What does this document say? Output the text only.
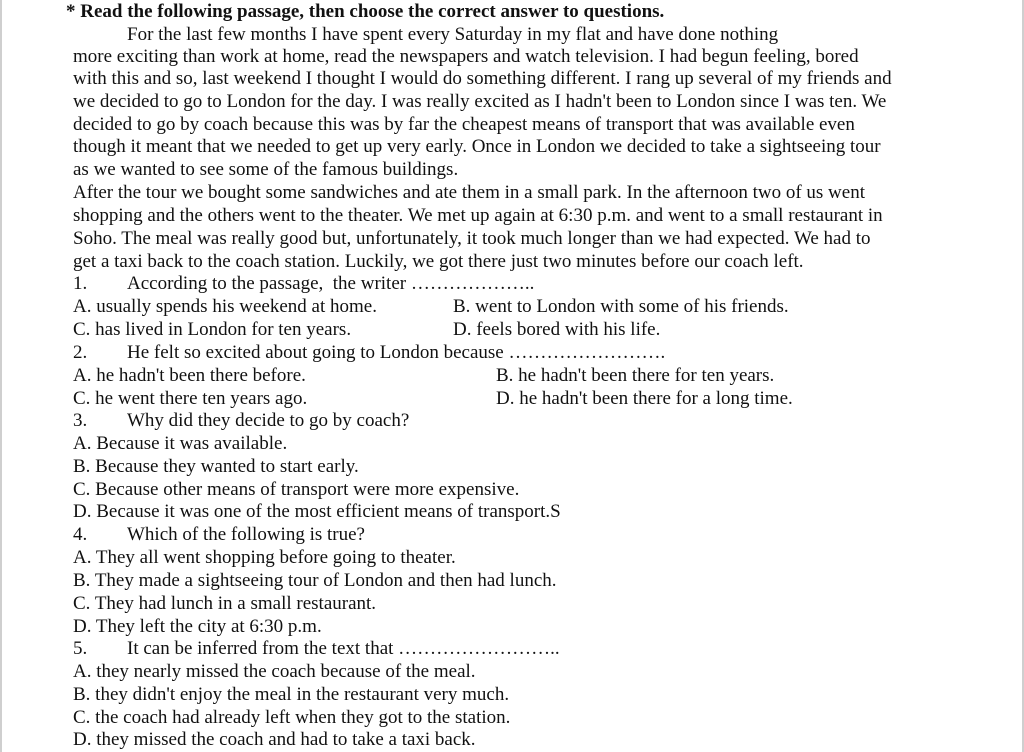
* Read the following passage, then choose the correct answer to questions.
For the last few months I have spent every Saturday in my flat and have done nothing
more exciting than work at home, read the newspapers and watch television. I had begun feeling, bored
with this and so, last weekend I thought I would do something different. I rang up several of my friends and
we decided to go to London for the day. I was really excited as I hadn't been to London since I was ten. We
decided to go by coach because this was by far the cheapest means of transport that was available even
though it meant that we needed to get up very early. Once in London we decided to take a sightseeing tour
as we wanted to see some of the famous buildings.
After the tour we bought some sandwiches and ate them in a small park. In the afternoon two of us went
shopping and the others went to the theater. We met up again at 6:30 p.m. and went to a small restaurant in
Soho. The meal was really good but, unfortunately, it took much longer than we had expected. We had to
get a taxi back to the coach station. Luckily, we got there just two minutes before our coach left.
1. According to the passage,  the writer ………………..
A. usually spends his weekend at home.	B. went to London with some of his friends.
C. has lived in London for ten years.	D. feels bored with his life.
2. He felt so excited about going to London because …………………….
A. he hadn't been there before.	B. he hadn't been there for ten years.
C. he went there ten years ago.	D. he hadn't been there for a long time.
3. Why did they decide to go by coach?
A. Because it was available.
B. Because they wanted to start early.
C. Because other means of transport were more expensive.
D. Because it was one of the most efficient means of transport.S
4. Which of the following is true?
A. They all went shopping before going to theater.
B. They made a sightseeing tour of London and then had lunch.
C. They had lunch in a small restaurant.
D. They left the city at 6:30 p.m.
5. It can be inferred from the text that ……………………..
A. they nearly missed the coach because of the meal.
B. they didn't enjoy the meal in the restaurant very much.
C. the coach had already left when they got to the station.
D. they missed the coach and had to take a taxi back.
